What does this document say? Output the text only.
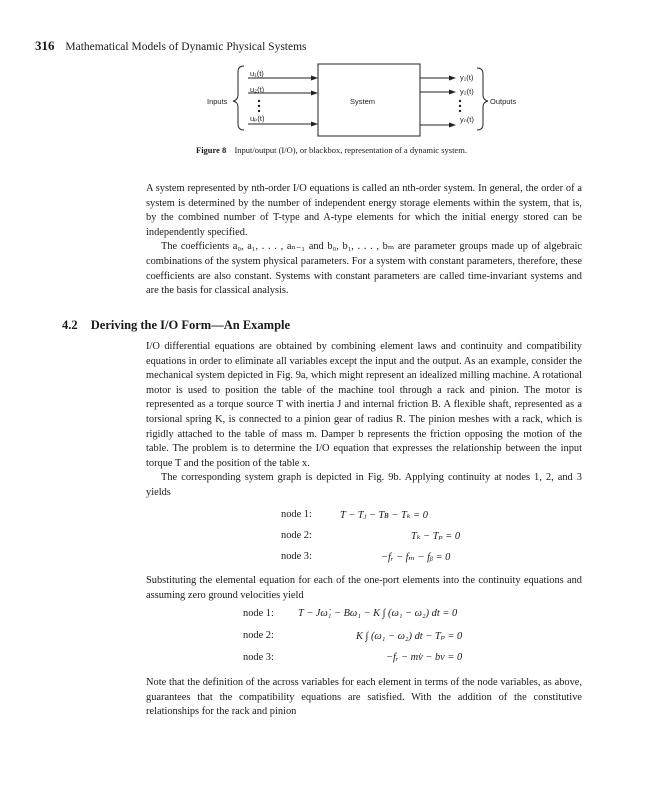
316 Mathematical Models of Dynamic Physical Systems
Inputs
u₁(t)
u₂(t)
uₚ(t)
System
y₁(t)
y₂(t)
yₙ(t)
Outputs
Figure 8 Input/output (I/O), or blackbox, representation of a dynamic system.

A system represented by nth-order I/O equations is called an nth-order system. In general, the order of a system is determined by the number of independent energy storage elements within the system, that is, by the combined number of T-type and A-type elements for which the initial energy stored can be independently specified.

The coefficients a₀, a₁, . . . , aₙ₋₁ and b₀, b₁, . . . , bₘ are parameter groups made up of algebraic combinations of the system physical parameters. For a system with constant parameters, therefore, these coefficients are also constant. Systems with constant parameters are called time-invariant systems and are the basis for classical analysis.

4.2 Deriving the I/O Form—An Example

I/O differential equations are obtained by combining element laws and continuity and compatibility equations in order to eliminate all variables except the input and the output. As an example, consider the mechanical system depicted in Fig. 9a, which might represent an idealized milling machine. A rotational motor is used to position the table of the machine tool through a rack and pinion. The motor is represented as a torque source T with inertia J and internal friction B. A flexible shaft, represented as a torsional spring K, is connected to a pinion gear of radius R. The pinion meshes with a rack, which is rigidly attached to the table of mass m. Damper b represents the friction opposing the motion of the table. The problem is to determine the I/O equation that expresses the relationship between the input torque T and the position of the table x.

The corresponding system graph is depicted in Fig. 9b. Applying continuity at nodes 1, 2, and 3 yields

node 1:	T − Tⱼ − Tʙ − Tₖ = 0
node 2:	Tₖ − Tₚ = 0
node 3:	−fᵣ − fₘ − fᵦ = 0

Substituting the elemental equation for each of the one-port elements into the continuity equations and assuming zero ground velocities yield

node 1: T − Jω̇₁ − Bω₁ − K ∫ (ω₁ − ω₂) dt = 0
node 2:	K ∫ (ω₁ − ω₂) dt − Tₚ = 0
node 3:	−fᵣ − mv̇ − bv = 0

Note that the definition of the across variables for each element in terms of the node variables, as above, guarantees that the compatibility equations are satisfied. With the addition of the constitutive relationships for the rack and pinion
